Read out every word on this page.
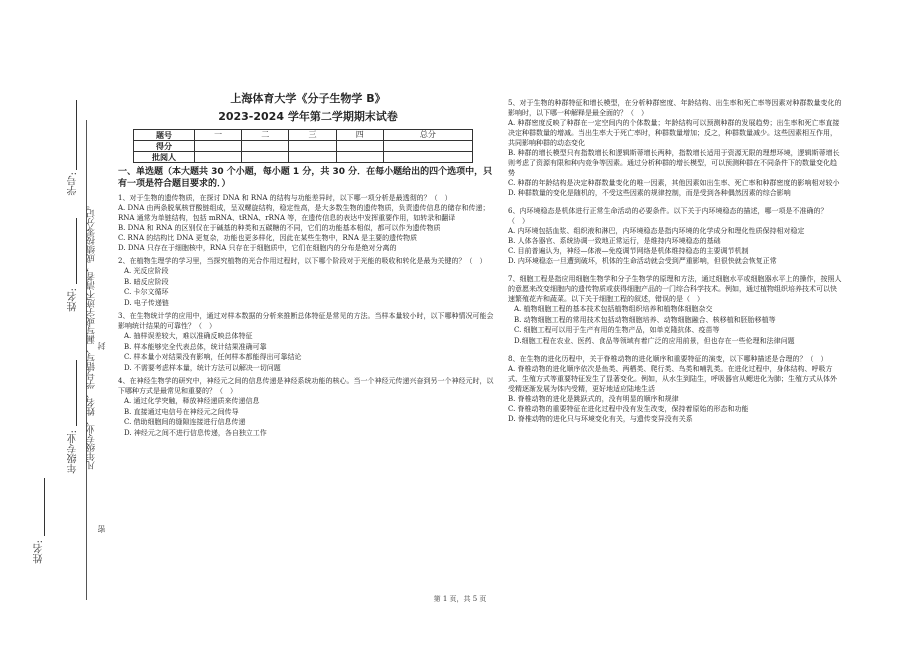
学号:
姓名:
年级专业: 凡年级专业、姓名、学号错写、漏写或字迹不清者，成绩按零分记。 封
密
姓名:
上海体育大学《分子生物学 B》
2023-2024 学年第二学期期末试卷
题号	一	二	三	四	总分
得分					
批阅人					
一、单选题（本大题共 30 个小题，每小题 1 分，共 30 分．在每小题给出的四个选项中，只有一项是符合题目要求的．）
1、对于生物的遗传物质，在探讨 DNA 和 RNA 的结构与功能差异时，以下哪一项分析是最透彻的？（　）
A. DNA 由两条脱氧核苷酸链组成，呈双螺旋结构，稳定性高，是大多数生物的遗传物质，负责遗传信息的储存和传递；RNA 通常为单链结构，包括 mRNA、tRNA、rRNA 等，在遗传信息的表达中发挥重要作用，如转录和翻译
B. DNA 和 RNA 的区别仅在于碱基的种类和五碳糖的不同，它们的功能基本相似，都可以作为遗传物质
C. RNA 的结构比 DNA 更复杂，功能也更多样化，因此在某些生物中，RNA 是主要的遗传物质
D. DNA 只存在于细胞核中，RNA 只存在于细胞质中，它们在细胞内的分布是绝对分离的
2、在植物生理学的学习里，当探究植物的光合作用过程时，以下哪个阶段对于光能的吸收和转化是最为关键的？（　）
A. 光反应阶段
B. 暗反应阶段
C. 卡尔文循环
D. 电子传递链
3、在生物统计学的应用中，通过对样本数据的分析来推断总体特征是常见的方法。当样本量较小时，以下哪种情况可能会影响统计结果的可靠性？（　）
A. 抽样误差较大，难以准确反映总体特征
B. 样本能够完全代表总体，统计结果准确可靠
C. 样本量小对结果没有影响，任何样本都能得出可靠结论
D. 不需要考虑样本量，统计方法可以解决一切问题
4、在神经生物学的研究中，神经元之间的信息传递是神经系统功能的核心。当一个神经元传递兴奋到另一个神经元时，以下哪种方式是最常见和重要的？（　）
A. 通过化学突触，释放神经递质来传递信息
B. 直接通过电信号在神经元之间传导
C. 借助细胞间的缝隙连接进行信息传递
D. 神经元之间不进行信息传递，各自独立工作
5、对于生物的种群特征和增长模型，在分析种群密度、年龄结构、出生率和死亡率等因素对种群数量变化的影响时，以下哪一种解释是最全面的？（　）
A. 种群密度反映了种群在一定空间内的个体数量；年龄结构可以预测种群的发展趋势；出生率和死亡率直接决定种群数量的增减。当出生率大于死亡率时，种群数量增加；反之，种群数量减少。这些因素相互作用，共同影响种群的动态变化
B. 种群的增长模型只有指数增长和逻辑斯蒂增长两种，指数增长适用于资源无限的理想环境，逻辑斯蒂增长则考虑了资源有限和种内竞争等因素。通过分析种群的增长模型，可以预测种群在不同条件下的数量变化趋势
C. 种群的年龄结构是决定种群数量变化的唯一因素，其他因素如出生率、死亡率和种群密度的影响相对较小
D. 种群数量的变化是随机的，不受这些因素的规律控制，而是受到各种偶然因素的综合影响
6、内环境稳态是机体进行正常生命活动的必要条件。以下关于内环境稳态的描述，哪一项是不准确的？（　）
A. 内环境包括血浆、组织液和淋巴，内环境稳态是指内环境的化学成分和理化性质保持相对稳定
B. 人体各器官、系统协调一致地正常运行，是维持内环境稳态的基础
C. 目前普遍认为，神经—体液—免疫调节网络是机体维持稳态的主要调节机制
D. 内环境稳态一旦遭到破坏，机体的生命活动就会受到严重影响，但很快就会恢复正常
7、细胞工程是指应用细胞生物学和分子生物学的原理和方法，通过细胞水平或细胞器水平上的操作，按照人的意愿来改变细胞内的遗传物质或获得细胞产品的一门综合科学技术。例如，通过植物组织培养技术可以快速繁殖花卉和蔬菜。以下关于细胞工程的叙述，错误的是（　）
A. 植物细胞工程的基本技术包括植物组织培养和植物体细胞杂交
B. 动物细胞工程的常用技术包括动物细胞培养、动物细胞融合、核移植和胚胎移植等
C. 细胞工程可以用于生产有用的生物产品，如单克隆抗体、疫苗等
D.细胞工程在农业、医药、食品等领域有着广泛的应用前景，但也存在一些伦理和法律问题
8、在生物的进化历程中，关于脊椎动物的进化顺序和重要特征的演变，以下哪种描述是合理的？（　）
A. 脊椎动物的进化顺序依次是鱼类、两栖类、爬行类、鸟类和哺乳类。在进化过程中，身体结构、呼吸方式、生殖方式等重要特征发生了显著变化。例如，从水生到陆生，呼吸器官从鳃进化为肺；生殖方式从体外受精逐渐发展为体内受精，更好地适应陆地生活
B. 脊椎动物的进化是跳跃式的，没有明显的顺序和规律
C. 脊椎动物的重要特征在进化过程中没有发生改变，保持着原始的形态和功能
D. 脊椎动物的进化只与环境变化有关，与遗传变异没有关系
第 1 页，共 5 页
